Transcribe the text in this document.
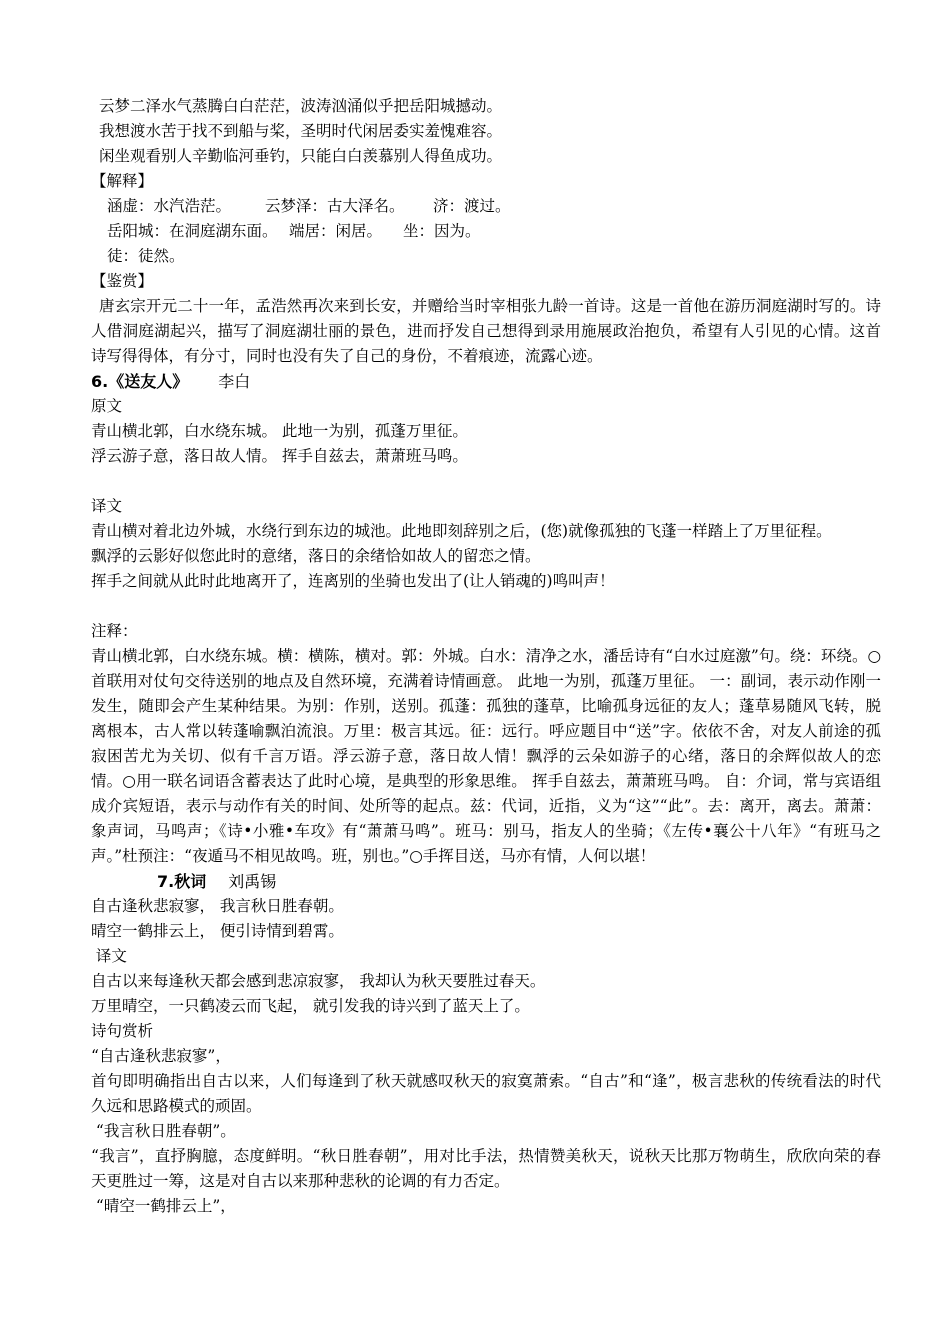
云梦二泽水气蒸腾白白茫茫，波涛汹涌似乎把岳阳城撼动。
我想渡水苦于找不到船与桨，圣明时代闲居委实羞愧难容。
闲坐观看别人辛勤临河垂钓，只能白白羡慕别人得鱼成功。
【解释】
涵虚：水汽浩茫。 云梦泽：古大泽名。 济：渡过。
岳阳城：在洞庭湖东面。 端居：闲居。 坐：因为。
徒：徒然。
【鉴赏】
唐玄宗开元二十一年，孟浩然再次来到长安，并赠给当时宰相张九龄一首诗。这是一首他在游历洞庭湖时写的。诗人借洞庭湖起兴，描写了洞庭湖壮丽的景色，进而抒发自己想得到录用施展政治抱负，希望有人引见的心情。这首诗写得得体，有分寸，同时也没有失了自己的身份，不着痕迹，流露心迹。
6.《送友人》 李白
原文
青山横北郭，白水绕东城。 此地一为别，孤蓬万里征。
浮云游子意，落日故人情。 挥手自兹去，萧萧班马鸣。
译文
青山横对着北边外城，水绕行到东边的城池。此地即刻辞别之后，(您)就像孤独的飞蓬一样踏上了万里征程。
飘浮的云影好似您此时的意绪，落日的余绪恰如故人的留恋之情。
挥手之间就从此时此地离开了，连离别的坐骑也发出了(让人销魂的)鸣叫声！
注释：
青山横北郭，白水绕东城。横：横陈，横对。郭：外城。白水：清净之水，潘岳诗有“白水过庭激”句。绕：环绕。○首联用对仗句交待送别的地点及自然环境，充满着诗情画意。 此地一为别，孤蓬万里征。 一：副词，表示动作刚一发生，随即会产生某种结果。为别：作别，送别。孤蓬：孤独的蓬草，比喻孤身远征的友人；蓬草易随风飞转，脱离根本，古人常以转蓬喻飘泊流浪。万里：极言其远。征：远行。呼应题目中“送”字。依依不舍，对友人前途的孤寂困苦尤为关切、似有千言万语。浮云游子意，落日故人情！飘浮的云朵如游子的心绪，落日的余辉似故人的恋情。○用一联名词语含蓄表达了此时心境，是典型的形象思维。 挥手自兹去，萧萧班马鸣。 自：介词，常与宾语组成介宾短语，表示与动作有关的时间、处所等的起点。兹：代词，近指，义为“这”“此”。去：离开，离去。萧萧：象声词，马鸣声；《诗•小雅•车攻》有“萧萧马鸣”。班马：别马，指友人的坐骑；《左传•襄公十八年》“有班马之声。”杜预注：“夜遁马不相见故鸣。班，别也。”○手挥目送，马亦有情，人何以堪！
7.秋词 刘禹锡
自古逢秋悲寂寥， 我言秋日胜春朝。
晴空一鹤排云上， 便引诗情到碧霄。
译文
自古以来每逢秋天都会感到悲凉寂寥， 我却认为秋天要胜过春天。
万里晴空，一只鹤凌云而飞起， 就引发我的诗兴到了蓝天上了。
诗句赏析
“自古逢秋悲寂寥”，
首句即明确指出自古以来，人们每逢到了秋天就感叹秋天的寂寞萧索。“自古”和“逢”，极言悲秋的传统看法的时代久远和思路模式的顽固。
“我言秋日胜春朝”。
“我言”，直抒胸臆，态度鲜明。“秋日胜春朝”，用对比手法，热情赞美秋天，说秋天比那万物萌生，欣欣向荣的春天更胜过一筹，这是对自古以来那种悲秋的论调的有力否定。
“晴空一鹤排云上”，
